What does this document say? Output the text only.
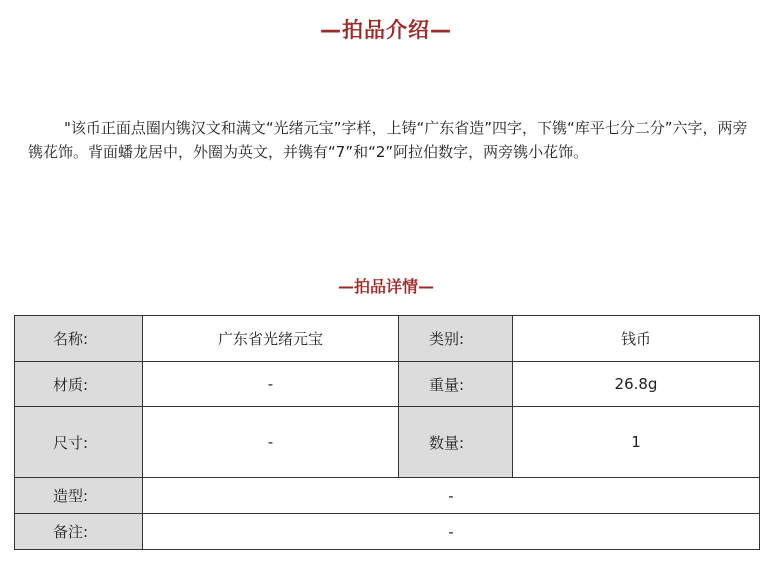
—拍品介绍—

"该币正面点圈内镌汉文和满文“光绪元宝”字样，上铸“广东省造”四字，下镌“库平七分二分”六字，两旁镌花饰。背面蟠龙居中，外圈为英文，并镌有“7”和“2”阿拉伯数字，两旁镌小花饰。

—拍品详情—
名称:	广东省光绪元宝	类别:	钱币
材质:	-	重量:	26.8g
尺寸:	-	数量:	1
造型:	-		
备注:	-		
